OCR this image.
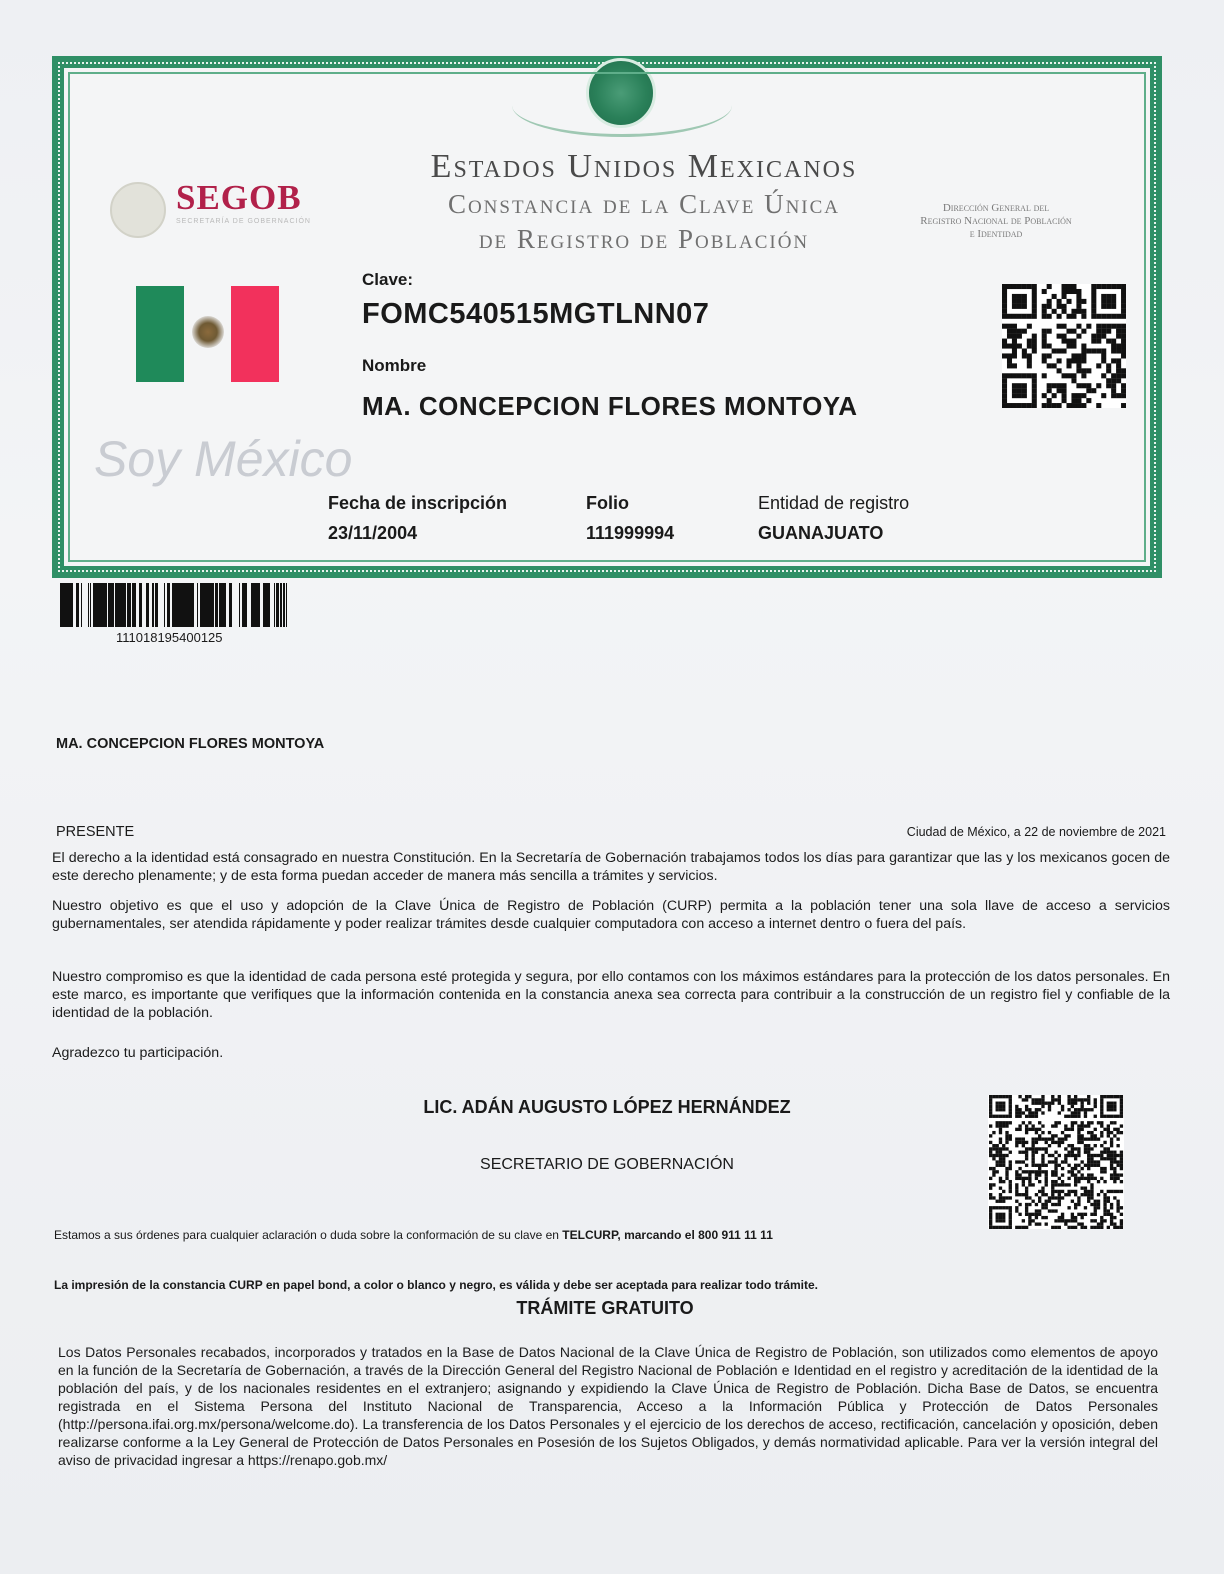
Estados Unidos Mexicanos
Constancia de la Clave Única
de Registro de Población
SEGOB
SECRETARÍA DE GOBERNACIÓN
Dirección General del
Registro Nacional de Población
e Identidad
Soy México
Clave:
FOMC540515MGTLNN07
Nombre
MA. CONCEPCION FLORES MONTOYA
Fecha de inscripción
23/11/2004
Folio
111999994
Entidad de registro
GUANAJUATO
111018195400125
MA. CONCEPCION FLORES MONTOYA
PRESENTE	Ciudad de México, a 22 de noviembre de 2021
El derecho a la identidad está consagrado en nuestra Constitución. En la Secretaría de Gobernación trabajamos todos los días para garantizar que las y los mexicanos gocen de este derecho plenamente; y de esta forma puedan acceder de manera más sencilla a trámites y servicios.
Nuestro objetivo es que el uso y adopción de la Clave Única de Registro de Población (CURP) permita a la población tener una sola llave de acceso a servicios gubernamentales, ser atendida rápidamente y poder realizar trámites desde cualquier computadora con acceso a internet dentro o fuera del país.
Nuestro compromiso es que la identidad de cada persona esté protegida y segura, por ello contamos con los máximos estándares para la protección de los datos personales. En este marco, es importante que verifiques que la información contenida en la constancia anexa sea correcta para contribuir a la construcción de un registro fiel y confiable de la identidad de la población.
Agradezco tu participación.
LIC. ADÁN AUGUSTO LÓPEZ HERNÁNDEZ
SECRETARIO DE GOBERNACIÓN
Estamos a sus órdenes para cualquier aclaración o duda sobre la conformación de su clave en TELCURP, marcando el 800 911 11 11
La impresión de la constancia CURP en papel bond, a color o blanco y negro, es válida y debe ser aceptada para realizar todo trámite.
TRÁMITE GRATUITO
Los Datos Personales recabados, incorporados y tratados en la Base de Datos Nacional de la Clave Única de Registro de Población, son utilizados como elementos de apoyo en la función de la Secretaría de Gobernación, a través de la Dirección General del Registro Nacional de Población e Identidad en el registro y acreditación de la identidad de la población del país, y de los nacionales residentes en el extranjero; asignando y expidiendo la Clave Única de Registro de Población. Dicha Base de Datos, se encuentra registrada en el Sistema Persona del Instituto Nacional de Transparencia, Acceso a la Información Pública y Protección de Datos Personales (http://persona.ifai.org.mx/persona/welcome.do). La transferencia de los Datos Personales y el ejercicio de los derechos de acceso, rectificación, cancelación y oposición, deben realizarse conforme a la Ley General de Protección de Datos Personales en Posesión de los Sujetos Obligados, y demás normatividad aplicable. Para ver la versión integral del aviso de privacidad ingresar a https://renapo.gob.mx/
